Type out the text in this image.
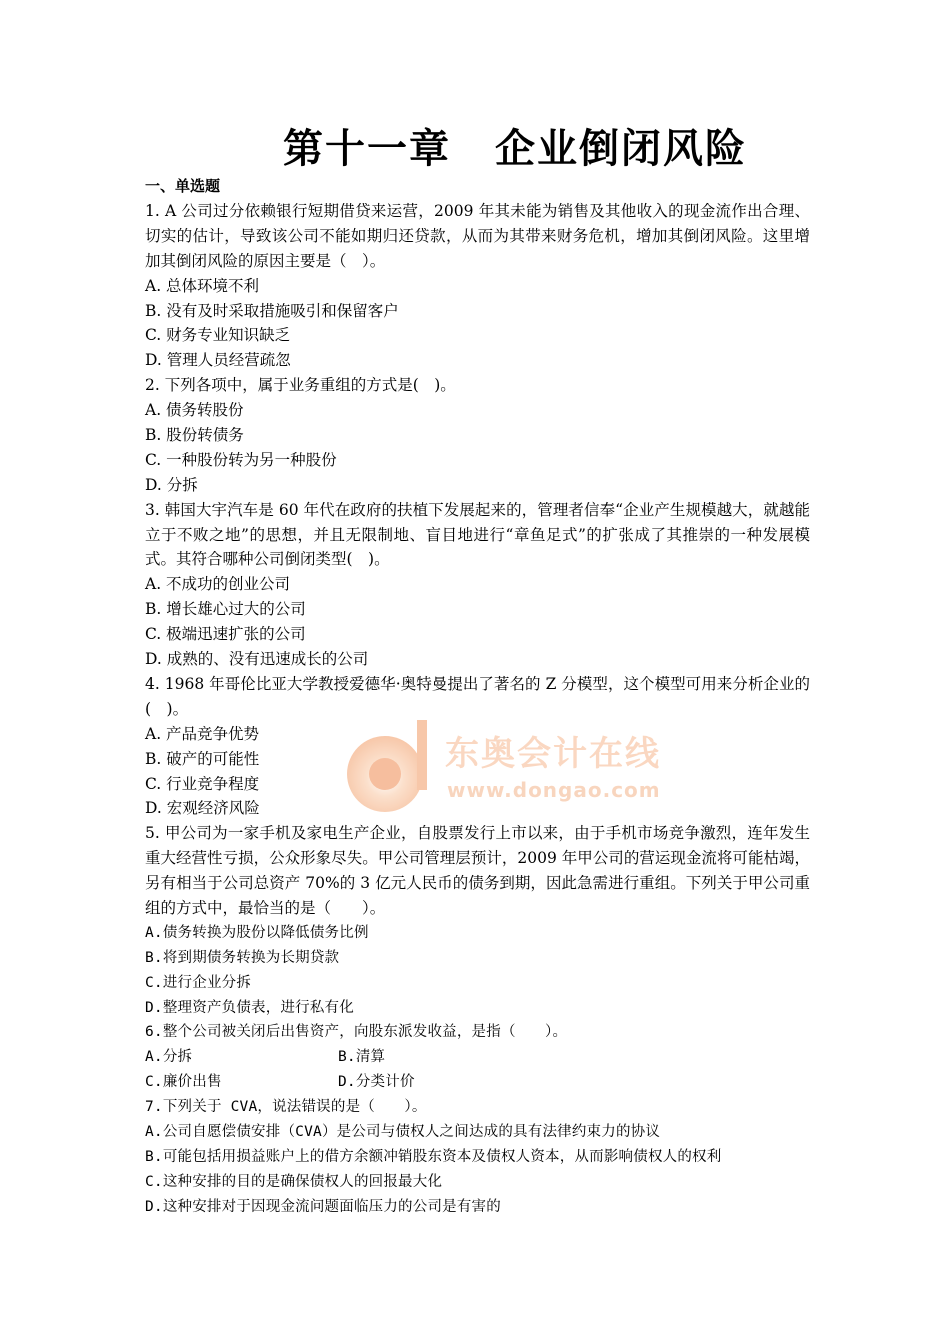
第十一章 企业倒闭风险
东奥会计在线
www.dongao.com
一、单选题
1. A 公司过分依赖银行短期借贷来运营，2009 年其未能为销售及其他收入的现金流作出合理、切实的估计，导致该公司不能如期归还贷款，从而为其带来财务危机，增加其倒闭风险。这里增加其倒闭风险的原因主要是（　）。
A. 总体环境不利
B. 没有及时采取措施吸引和保留客户
C. 财务专业知识缺乏
D. 管理人员经营疏忽
2. 下列各项中，属于业务重组的方式是(　)。
A. 债务转股份
B. 股份转债务
C. 一种股份转为另一种股份
D. 分拆
3. 韩国大宇汽车是 60 年代在政府的扶植下发展起来的，管理者信奉“企业产生规模越大，就越能立于不败之地”的思想，并且无限制地、盲目地进行“章鱼足式”的扩张成了其推崇的一种发展模式。其符合哪种公司倒闭类型(　)。
A. 不成功的创业公司
B. 增长雄心过大的公司
C. 极端迅速扩张的公司
D. 成熟的、没有迅速成长的公司
4. 1968 年哥伦比亚大学教授爱德华·奥特曼提出了著名的 Z 分模型，这个模型可用来分析企业的(　)。
A. 产品竞争优势
B. 破产的可能性
C. 行业竞争程度
D. 宏观经济风险
5. 甲公司为一家手机及家电生产企业，自股票发行上市以来，由于手机市场竞争激烈，连年发生重大经营性亏损，公众形象尽失。甲公司管理层预计，2009 年甲公司的营运现金流将可能枯竭，另有相当于公司总资产 70%的 3 亿元人民币的债务到期，因此急需进行重组。下列关于甲公司重组的方式中，最恰当的是（　　）。
A.债务转换为股份以降低债务比例
B.将到期债务转换为长期贷款
C.进行企业分拆
D.整理资产负债表，进行私有化
6.整个公司被关闭后出售资产，向股东派发收益，是指（　　）。
A.分拆	B.清算
C.廉价出售	D.分类计价
7.下列关于 CVA，说法错误的是（　　）。
A.公司自愿偿债安排（CVA）是公司与债权人之间达成的具有法律约束力的协议
B.可能包括用损益账户上的借方余额冲销股东资本及债权人资本，从而影响债权人的权利
C.这种安排的目的是确保债权人的回报最大化
D.这种安排对于因现金流问题面临压力的公司是有害的
